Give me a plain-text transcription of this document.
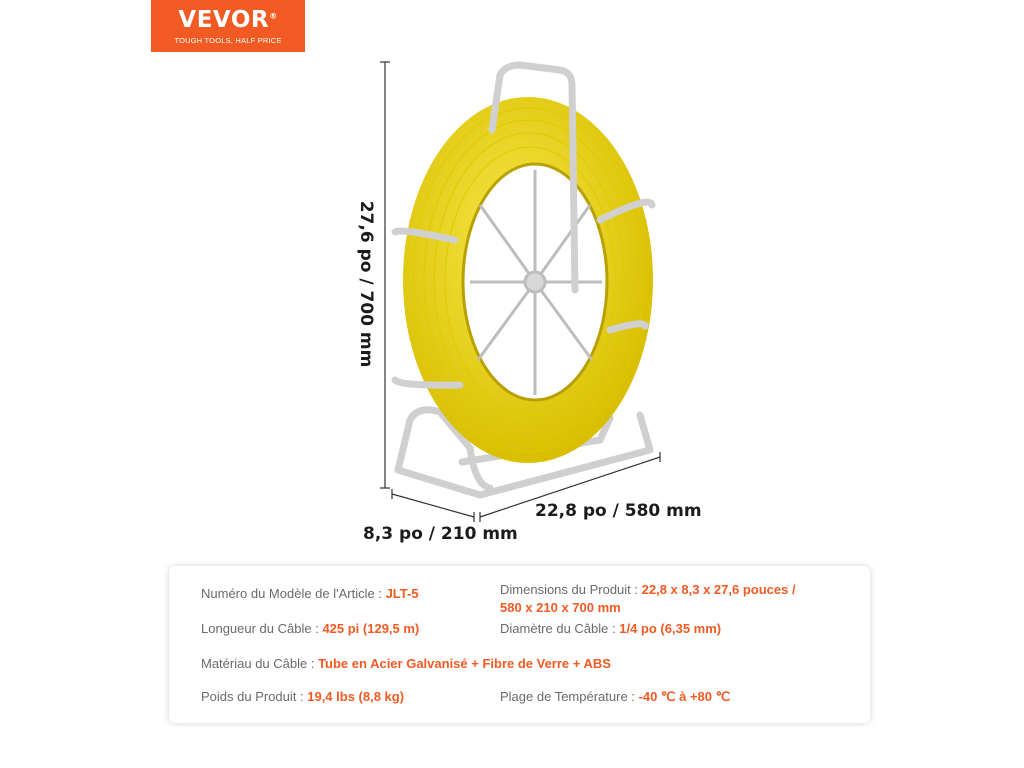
VEVOR®
TOUGH TOOLS, HALF PRICE
27,6 po / 700 mm
22,8 po / 580 mm
8,3 po / 210 mm
Numéro du Modèle de l'Article : JLT-5	Dimensions du Produit : 22,8 x 8,3 x 27,6 pouces /
580 x 210 x 700 mm
Longueur du Câble : 425 pi (129,5 m)	Diamètre du Câble : 1/4 po (6,35 mm)
Matériau du Câble : Tube en Acier Galvanisé + Fibre de Verre + ABS
Poids du Produit : 19,4 lbs (8,8 kg)	Plage de Température : -40 ℃ à +80 ℃
